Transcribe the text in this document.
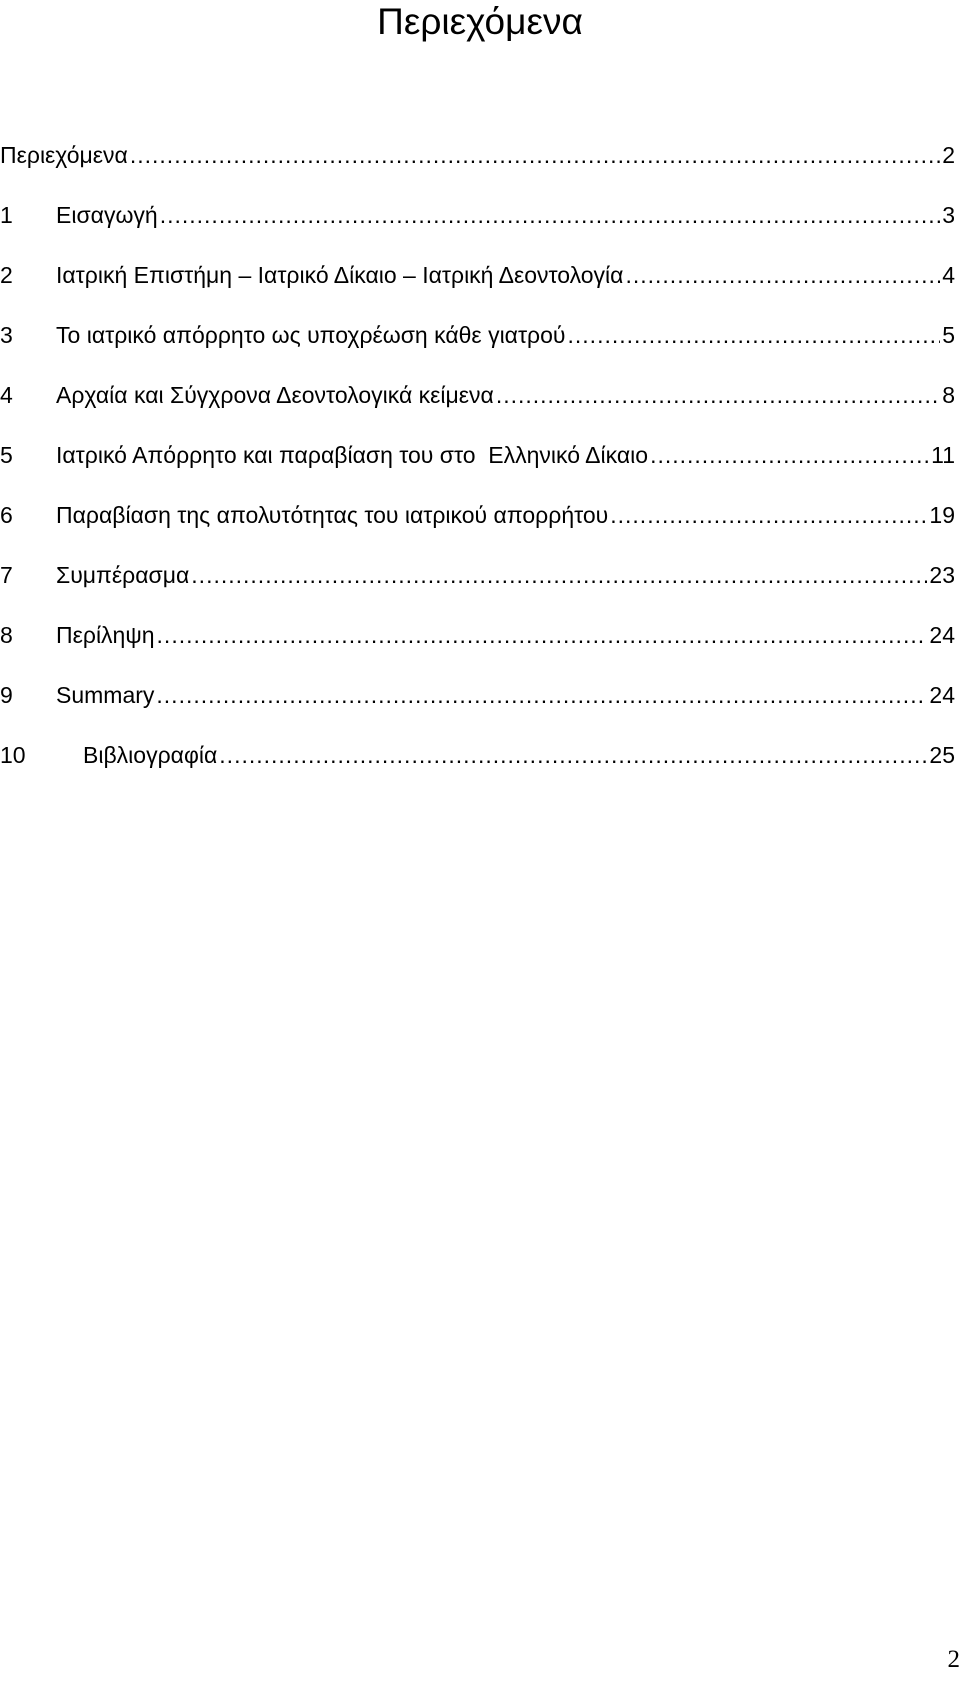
Περιεχόμενα
Περιεχόμενα .....	2
1	Εισαγωγή .....	3
2	Ιατρική Επιστήμη – Ιατρικό Δίκαιο – Ιατρική Δεοντολογία .....	4
3	Το ιατρικό απόρρητο ως υποχρέωση κάθε γιατρού .....	5
4	Αρχαία και Σύγχρονα Δεοντολογικά κείμενα .....	8
5	Ιατρικό Απόρρητο και παραβίαση του στο  Ελληνικό Δίκαιο .....	11
6	Παραβίαση της απολυτότητας του ιατρικού απορρήτου .....	19
7	Συμπέρασμα .....	23
8	Περίληψη .....	24
9	Summary .....	24
10	Βιβλιογραφία .....	25
2
